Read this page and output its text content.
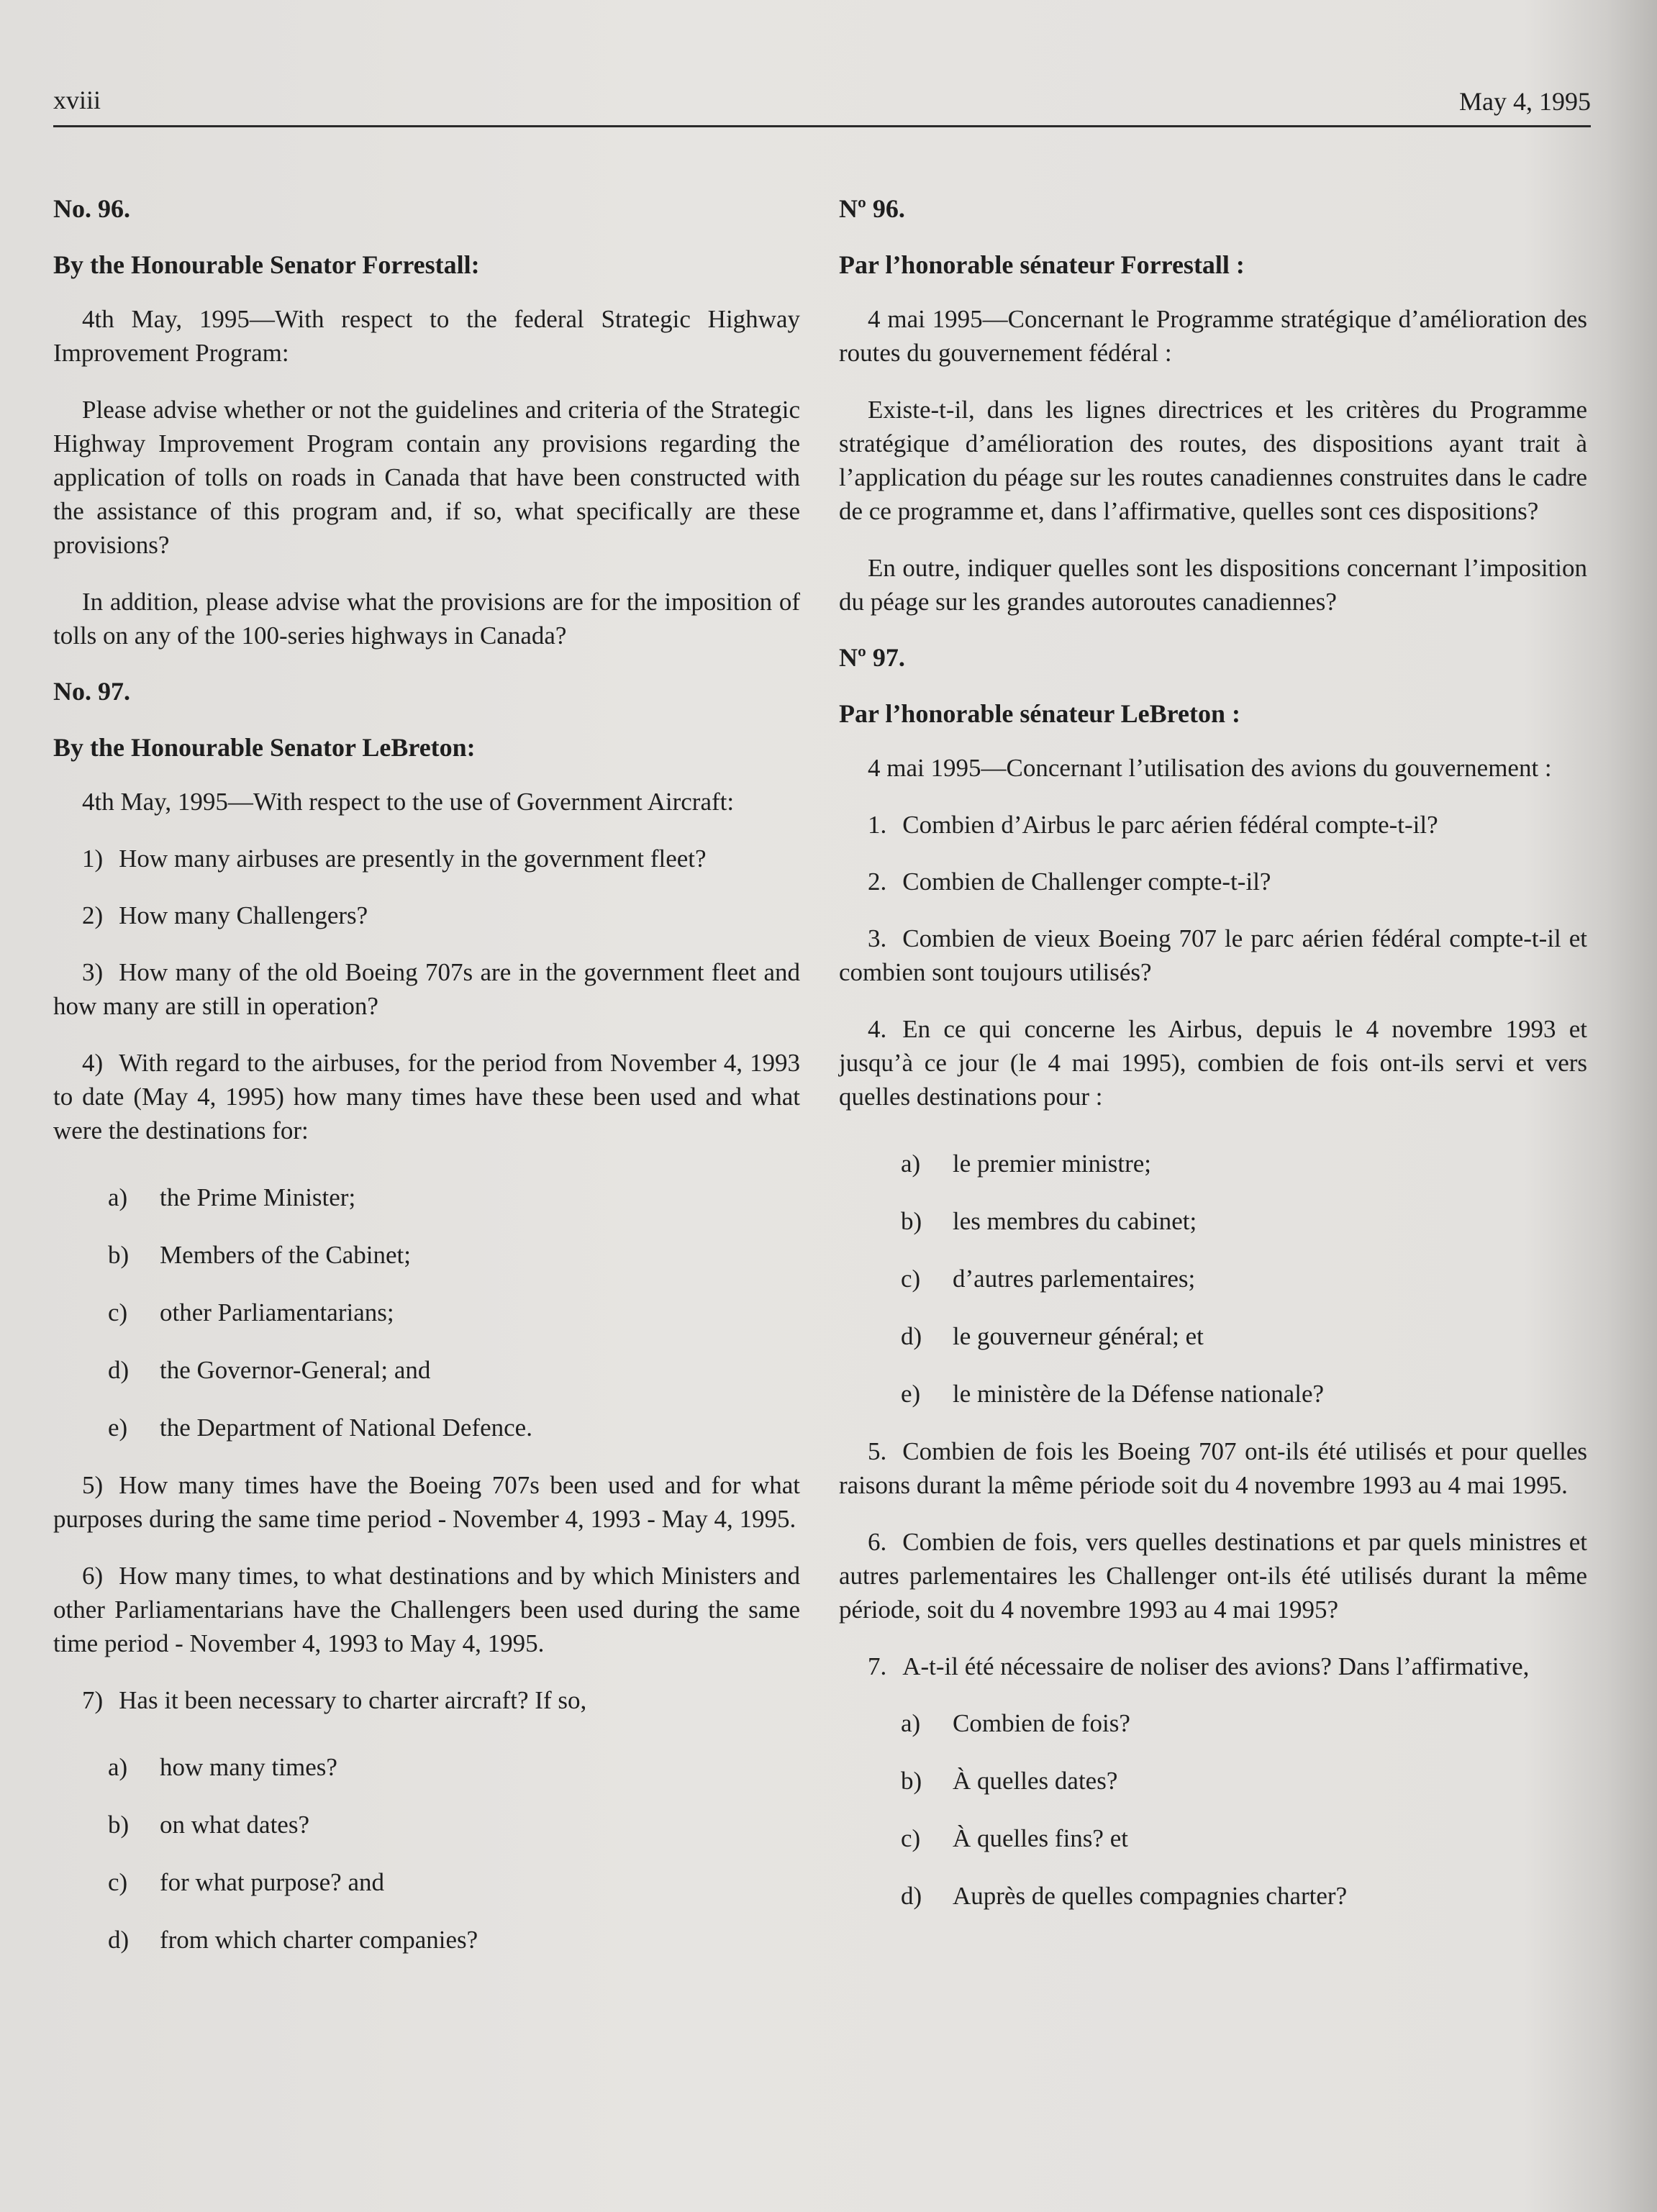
xviii	May 4, 1995
No. 96.
By the Honourable Senator Forrestall:

4th May, 1995—With respect to the federal Strategic Highway Improvement Program:

Please advise whether or not the guidelines and criteria of the Strategic Highway Improvement Program contain any provisions regarding the application of tolls on roads in Canada that have been constructed with the assistance of this program and, if so, what specifically are these provisions?

In addition, please advise what the provisions are for the imposition of tolls on any of the 100-series highways in Canada?

No. 97.
By the Honourable Senator LeBreton:

4th May, 1995—With respect to the use of Government Aircraft:

1) How many airbuses are presently in the government fleet?
2) How many Challengers?
3) How many of the old Boeing 707s are in the government fleet and how many are still in operation?
4) With regard to the airbuses, for the period from November 4, 1993 to date (May 4, 1995) how many times have these been used and what were the destinations for:
a) the Prime Minister;
b) Members of the Cabinet;
c) other Parliamentarians;
d) the Governor-General; and
e) the Department of National Defence.
5) How many times have the Boeing 707s been used and for what purposes during the same time period - November 4, 1993 - May 4, 1995.
6) How many times, to what destinations and by which Ministers and other Parliamentarians have the Challengers been used during the same time period - November 4, 1993 to May 4, 1995.
7) Has it been necessary to charter aircraft? If so,
a) how many times?
b) on what dates?
c) for what purpose? and
d) from which charter companies?
Nº 96.
Par l’honorable sénateur Forrestall :

4 mai 1995—Concernant le Programme stratégique d’amélioration des routes du gouvernement fédéral :

Existe-t-il, dans les lignes directrices et les critères du Programme stratégique d’amélioration des routes, des dispositions ayant trait à l’application du péage sur les routes canadiennes construites dans le cadre de ce programme et, dans l’affirmative, quelles sont ces dispositions?

En outre, indiquer quelles sont les dispositions concernant l’imposition du péage sur les grandes autoroutes canadiennes?

Nº 97.
Par l’honorable sénateur LeBreton :

4 mai 1995—Concernant l’utilisation des avions du gouvernement :

1. Combien d’Airbus le parc aérien fédéral compte-t-il?
2. Combien de Challenger compte-t-il?
3. Combien de vieux Boeing 707 le parc aérien fédéral compte-t-il et combien sont toujours utilisés?
4. En ce qui concerne les Airbus, depuis le 4 novembre 1993 et jusqu’à ce jour (le 4 mai 1995), combien de fois ont-ils servi et vers quelles destinations pour :
a) le premier ministre;
b) les membres du cabinet;
c) d’autres parlementaires;
d) le gouverneur général; et
e) le ministère de la Défense nationale?
5. Combien de fois les Boeing 707 ont-ils été utilisés et pour quelles raisons durant la même période soit du 4 novembre 1993 au 4 mai 1995.
6. Combien de fois, vers quelles destinations et par quels ministres et autres parlementaires les Challenger ont-ils été utilisés durant la même période, soit du 4 novembre 1993 au 4 mai 1995?
7. A-t-il été nécessaire de noliser des avions? Dans l’affirmative,
a) Combien de fois?
b) À quelles dates?
c) À quelles fins? et
d) Auprès de quelles compagnies charter?
